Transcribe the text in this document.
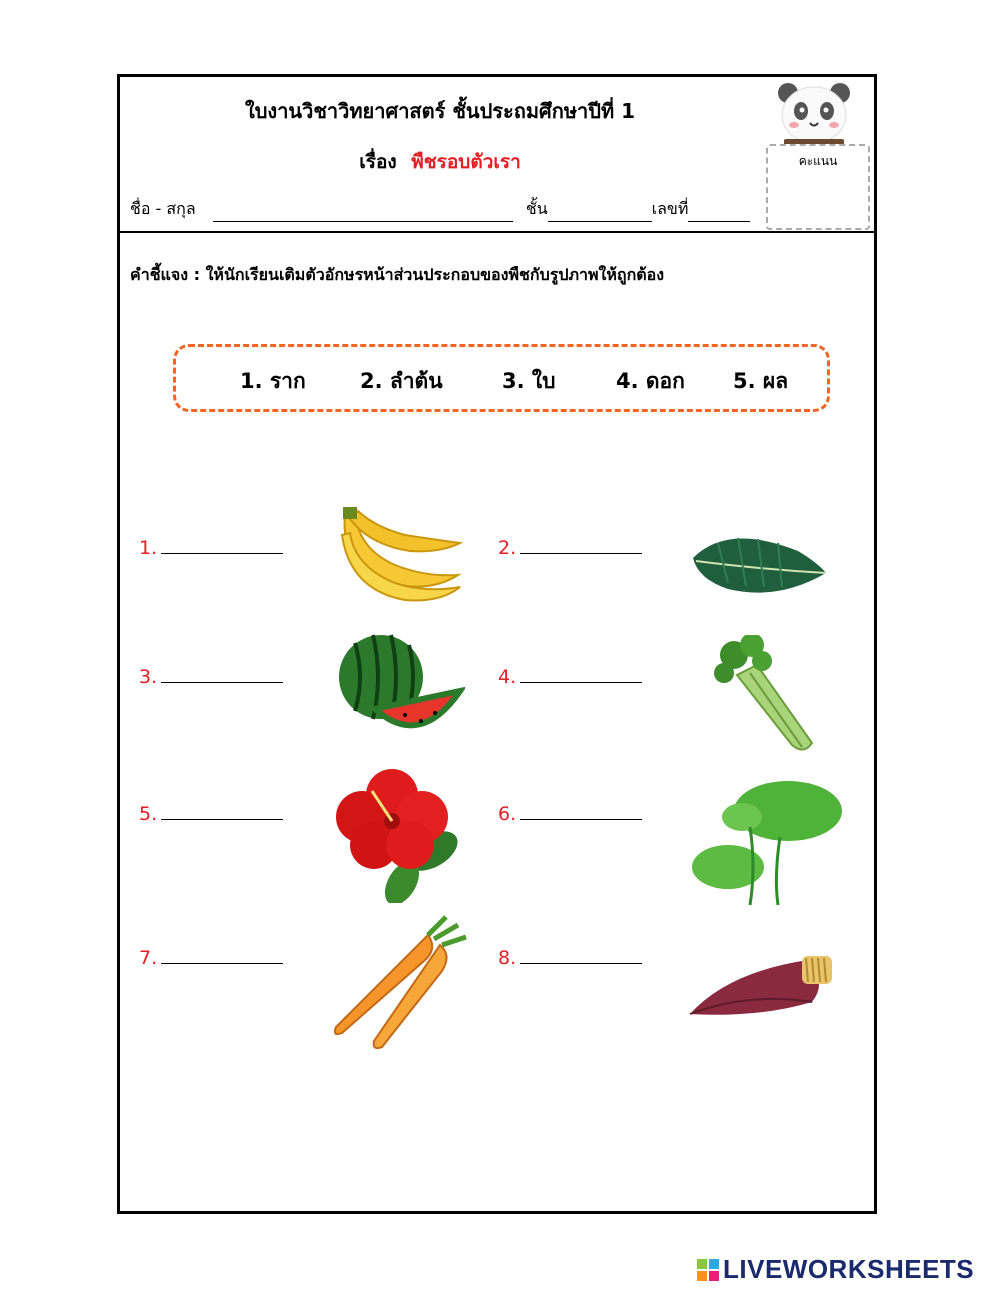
ใบงานวิชาวิทยาศาสตร์ ชั้นประถมศึกษาปีที่ 1
เรื่อง พืชรอบตัวเรา
ชื่อ - สกุล	ชั้น	เลขที่
คะแนน
คำชี้แจง : ให้นักเรียนเติมตัวอักษรหน้าส่วนประกอบของพืชกับรูปภาพให้ถูกต้อง
1. ราก	2. ลำต้น	3. ใบ	4. ดอก 5. ผล
1.	2.
3.	4.
5.	6.
7.	8.
LIVEWORKSHEETS
